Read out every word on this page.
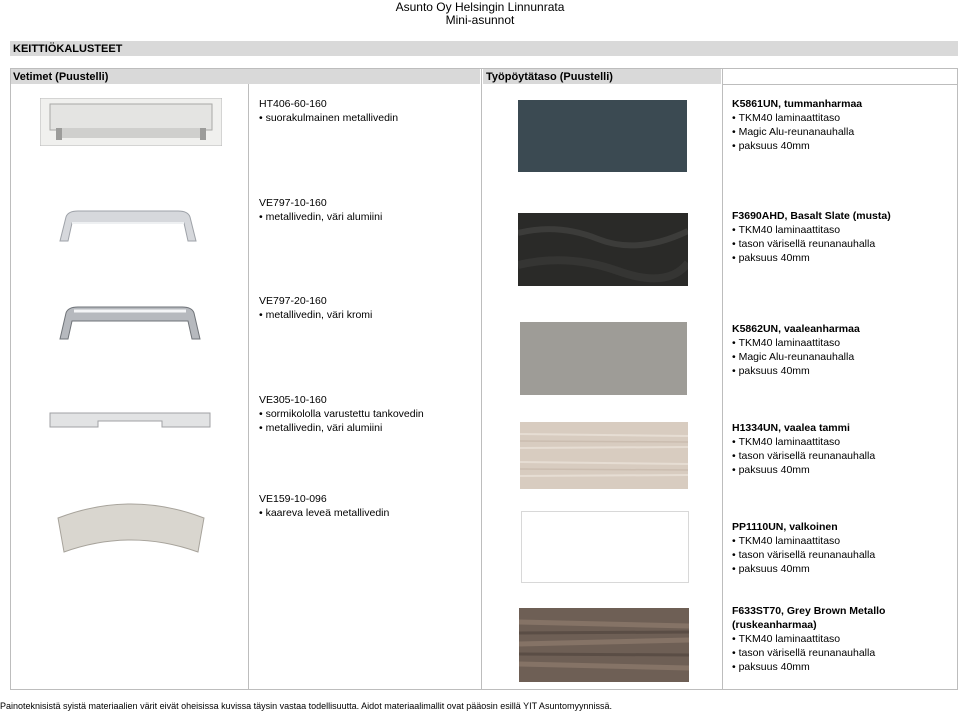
Asunto Oy Helsingin Linnunrata
Mini-asunnot
KEITTIÖKALUSTEET
Vetimet (Puustelli)	Työpöytätaso (Puustelli)
HT406-60-160
• suorakulmainen metallivedin
VE797-10-160
• metallivedin, väri alumiini
VE797-20-160
• metallivedin, väri kromi
VE305-10-160
• sormikololla varustettu tankovedin
• metallivedin, väri alumiini
VE159-10-096
• kaareva leveä metallivedin
K5861UN, tummanharmaa
• TKM40 laminaattitaso
• Magic Alu-reunanauhalla
• paksuus 40mm
F3690AHD, Basalt Slate (musta)
• TKM40 laminaattitaso
• tason värisellä reunanauhalla
• paksuus 40mm
K5862UN, vaaleanharmaa
• TKM40 laminaattitaso
• Magic Alu-reunanauhalla
• paksuus 40mm
H1334UN, vaalea tammi
• TKM40 laminaattitaso
• tason värisellä reunanauhalla
• paksuus 40mm
PP1110UN, valkoinen
• TKM40 laminaattitaso
• tason värisellä reunanauhalla
• paksuus 40mm
F633ST70, Grey Brown Metallo
(ruskeanharmaa)
• TKM40 laminaattitaso
• tason värisellä reunanauhalla
• paksuus 40mm
Painoteknisistä syistä materiaalien värit eivät oheisissa kuvissa täysin vastaa todellisuutta. Aidot materiaalimallit ovat pääosin esillä YIT Asuntomyynnissä.
